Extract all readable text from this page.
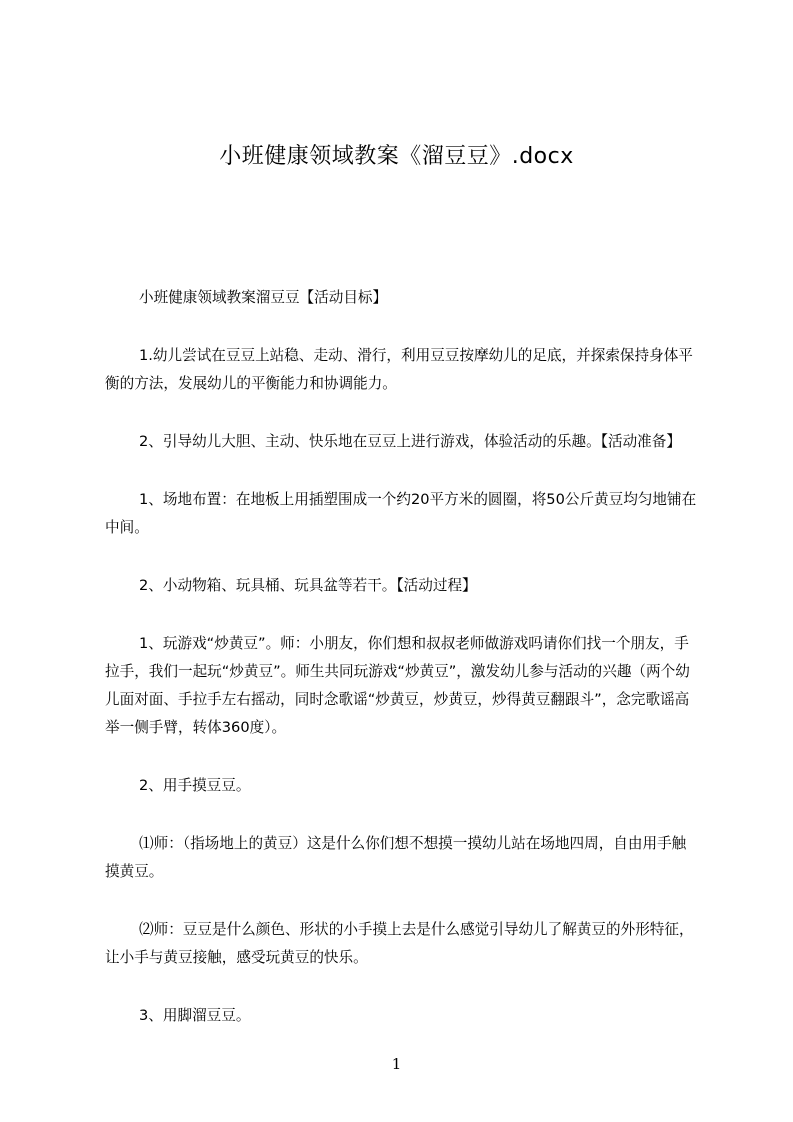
小班健康领域教案《溜豆豆》.docx

小班健康领域教案溜豆豆【活动目标】

1.幼儿尝试在豆豆上站稳、走动、滑行，利用豆豆按摩幼儿的足底，并探索保持身体平衡的方法，发展幼儿的平衡能力和协调能力。

2、引导幼儿大胆、主动、快乐地在豆豆上进行游戏，体验活动的乐趣。【活动准备】

1、场地布置：在地板上用插塑围成一个约20平方米的圆圈，将50公斤黄豆均匀地铺在中间。

2、小动物箱、玩具桶、玩具盆等若干。【活动过程】

1、玩游戏“炒黄豆”。师：小朋友，你们想和叔叔老师做游戏吗请你们找一个朋友，手拉手，我们一起玩“炒黄豆”。师生共同玩游戏“炒黄豆”，激发幼儿参与活动的兴趣（两个幼儿面对面、手拉手左右摇动，同时念歌谣“炒黄豆，炒黄豆，炒得黄豆翻跟斗”，念完歌谣高举一侧手臂，转体360度）。

2、用手摸豆豆。

⑴师：（指场地上的黄豆）这是什么你们想不想摸一摸幼儿站在场地四周，自由用手触摸黄豆。

⑵师：豆豆是什么颜色、形状的小手摸上去是什么感觉引导幼儿了解黄豆的外形特征，让小手与黄豆接触，感受玩黄豆的快乐。

3、用脚溜豆豆。

1
